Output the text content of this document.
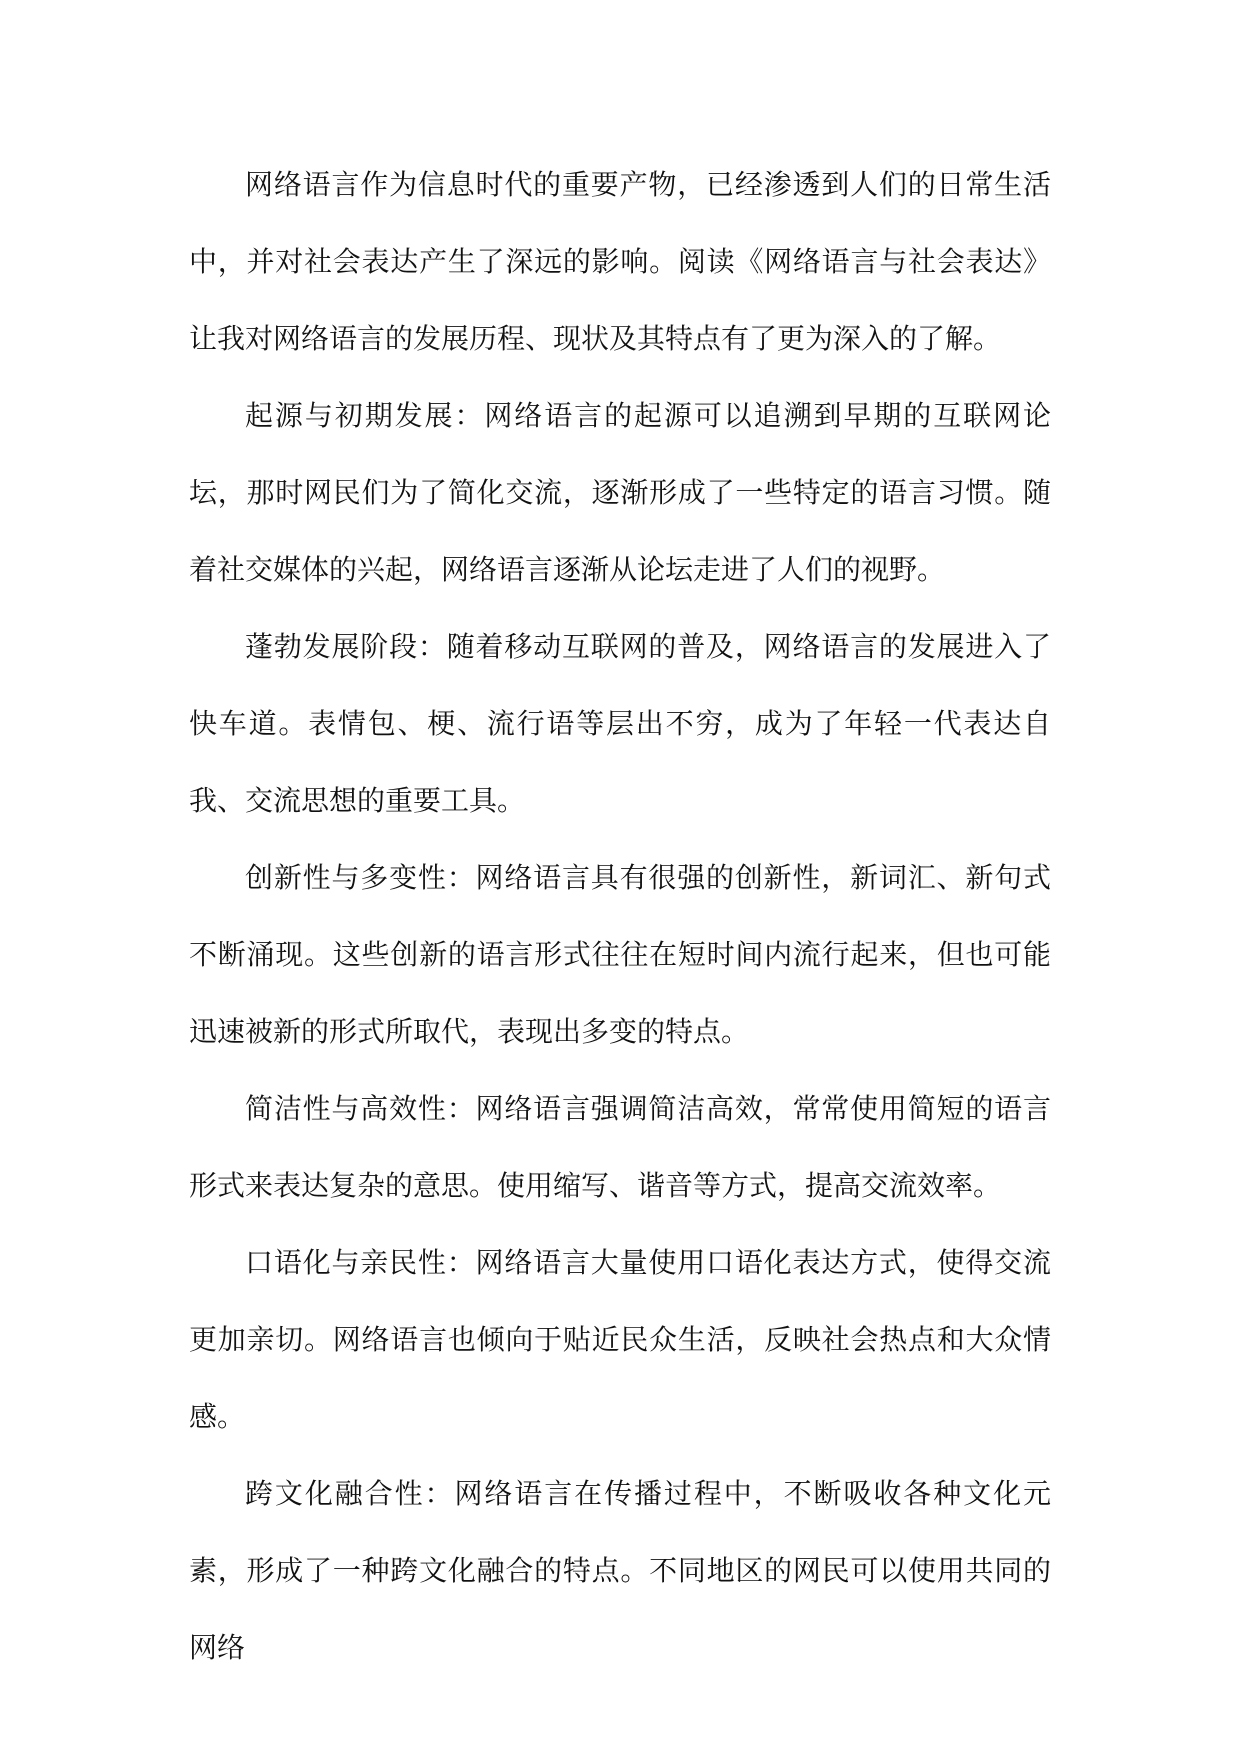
网络语言作为信息时代的重要产物，已经渗透到人们的日常生活中，并对社会表达产生了深远的影响。阅读《网络语言与社会表达》让我对网络语言的发展历程、现状及其特点有了更为深入的了解。

起源与初期发展：网络语言的起源可以追溯到早期的互联网论坛，那时网民们为了简化交流，逐渐形成了一些特定的语言习惯。随着社交媒体的兴起，网络语言逐渐从论坛走进了人们的视野。

蓬勃发展阶段：随着移动互联网的普及，网络语言的发展进入了快车道。表情包、梗、流行语等层出不穷，成为了年轻一代表达自我、交流思想的重要工具。

创新性与多变性：网络语言具有很强的创新性，新词汇、新句式不断涌现。这些创新的语言形式往往在短时间内流行起来，但也可能迅速被新的形式所取代，表现出多变的特点。

简洁性与高效性：网络语言强调简洁高效，常常使用简短的语言形式来表达复杂的意思。使用缩写、谐音等方式，提高交流效率。

口语化与亲民性：网络语言大量使用口语化表达方式，使得交流更加亲切。网络语言也倾向于贴近民众生活，反映社会热点和大众情感。

跨文化融合性：网络语言在传播过程中，不断吸收各种文化元素，形成了一种跨文化融合的特点。不同地区的网民可以使用共同的网络
